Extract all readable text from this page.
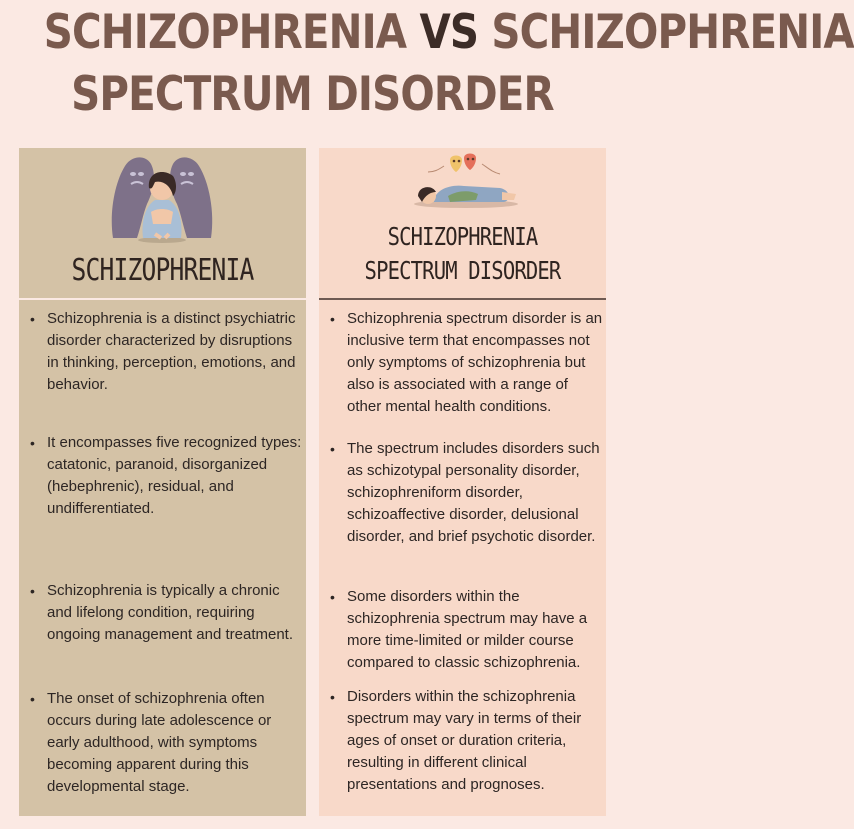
SCHIZOPHRENIA VS SCHIZOPHRENIA
SPECTRUM DISORDER
SCHIZOPHRENIA
• Schizophrenia is a distinct psychiatric disorder characterized by disruptions in thinking, perception, emotions, and behavior.
• It encompasses five recognized types: catatonic, paranoid, disorganized (hebephrenic), residual, and undifferentiated.
• Schizophrenia is typically a chronic and lifelong condition, requiring ongoing management and treatment.
• The onset of schizophrenia often occurs during late adolescence or early adulthood, with symptoms becoming apparent during this developmental stage.
SCHIZOPHRENIA
SPECTRUM DISORDER
• Schizophrenia spectrum disorder is an inclusive term that encompasses not only symptoms of schizophrenia but also is associated with a range of other mental health conditions.
• The spectrum includes disorders such as schizotypal personality disorder, schizophreniform disorder, schizoaffective disorder, delusional disorder, and brief psychotic disorder.
• Some disorders within the schizophrenia spectrum may have a more time-limited or milder course compared to classic schizophrenia.
• Disorders within the schizophrenia spectrum may vary in terms of their ages of onset or duration criteria, resulting in different clinical presentations and prognoses.
